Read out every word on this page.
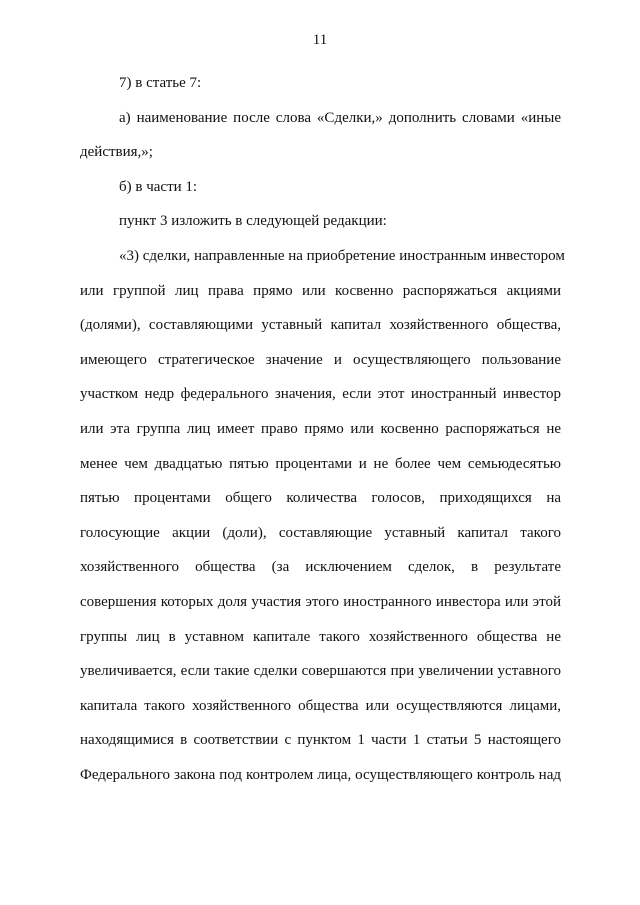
11
7) в статье 7:
а) наименование после слова «Сделки,» дополнить словами «иные
действия,»;
б) в части 1:
пункт 3 изложить в следующей редакции:
«3) сделки, направленные на приобретение иностранным инвестором
или группой лиц права прямо или косвенно распоряжаться акциями
(долями), составляющими уставный капитал хозяйственного общества,
имеющего стратегическое значение и осуществляющего пользование
участком недр федерального значения, если этот иностранный инвестор
или эта группа лиц имеет право прямо или косвенно распоряжаться не
менее чем двадцатью пятью процентами и не более чем семьюдесятью
пятью процентами общего количества голосов, приходящихся на
голосующие акции (доли), составляющие уставный капитал такого
хозяйственного общества (за исключением сделок, в результате
совершения которых доля участия этого иностранного инвестора или этой
группы лиц в уставном капитале такого хозяйственного общества не
увеличивается, если такие сделки совершаются при увеличении уставного
капитала такого хозяйственного общества или осуществляются лицами,
находящимися в соответствии с пунктом 1 части 1 статьи 5 настоящего
Федерального закона под контролем лица, осуществляющего контроль над
